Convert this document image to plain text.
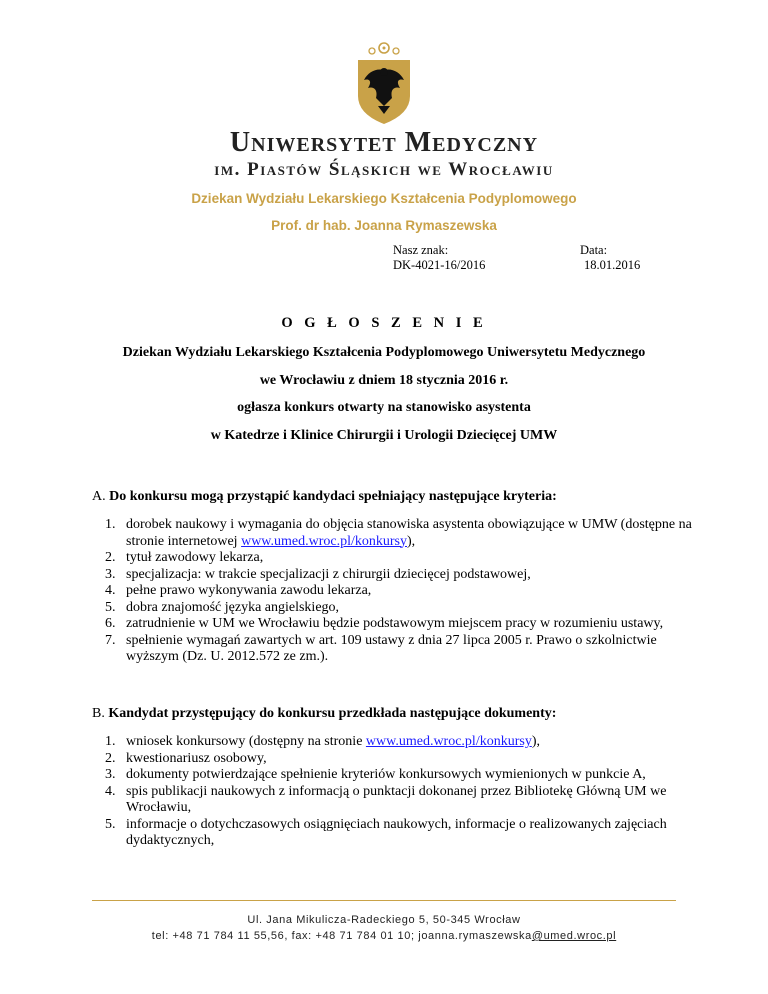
Uniwersytet Medyczny
im. Piastów Śląskich we Wrocławiu
Dziekan Wydziału Lekarskiego Kształcenia Podyplomowego
Prof. dr hab. Joanna Rymaszewska
Nasz znak:
DK-4021-16/2016
Data:
18.01.2016
O G Ł O S Z E N I E
Dziekan Wydziału Lekarskiego Kształcenia Podyplomowego Uniwersytetu Medycznego
we Wrocławiu z dniem 18 stycznia 2016 r.
ogłasza konkurs otwarty na stanowisko asystenta
w Katedrze i Klinice Chirurgii i Urologii Dziecięcej UMW
A. Do konkursu mogą przystąpić kandydaci spełniający następujące kryteria:
1. dorobek naukowy i wymagania do objęcia stanowiska asystenta obowiązujące w UMW (dostępne na stronie internetowej www.umed.wroc.pl/konkursy),
2. tytuł zawodowy lekarza,
3. specjalizacja: w trakcie specjalizacji z chirurgii dziecięcej podstawowej,
4. pełne prawo wykonywania zawodu lekarza,
5. dobra znajomość języka angielskiego,
6. zatrudnienie w UM we Wrocławiu będzie podstawowym miejscem pracy w rozumieniu ustawy,
7. spełnienie wymagań zawartych w art. 109 ustawy z dnia 27 lipca 2005 r. Prawo o szkolnictwie wyższym (Dz. U. 2012.572 ze zm.).
B. Kandydat przystępujący do konkursu przedkłada następujące dokumenty:
1. wniosek konkursowy (dostępny na stronie www.umed.wroc.pl/konkursy),
2. kwestionariusz osobowy,
3. dokumenty potwierdzające spełnienie kryteriów konkursowych wymienionych w punkcie A,
4. spis publikacji naukowych z informacją o punktacji dokonanej przez Bibliotekę Główną UM we Wrocławiu,
5. informacje o dotychczasowych osiągnięciach naukowych, informacje o realizowanych zajęciach dydaktycznych,
Ul. Jana Mikulicza-Radeckiego 5, 50-345 Wrocław
tel: +48 71 784 11 55,56, fax: +48 71 784 01 10; joanna.rymaszewska@umed.wroc.pl
